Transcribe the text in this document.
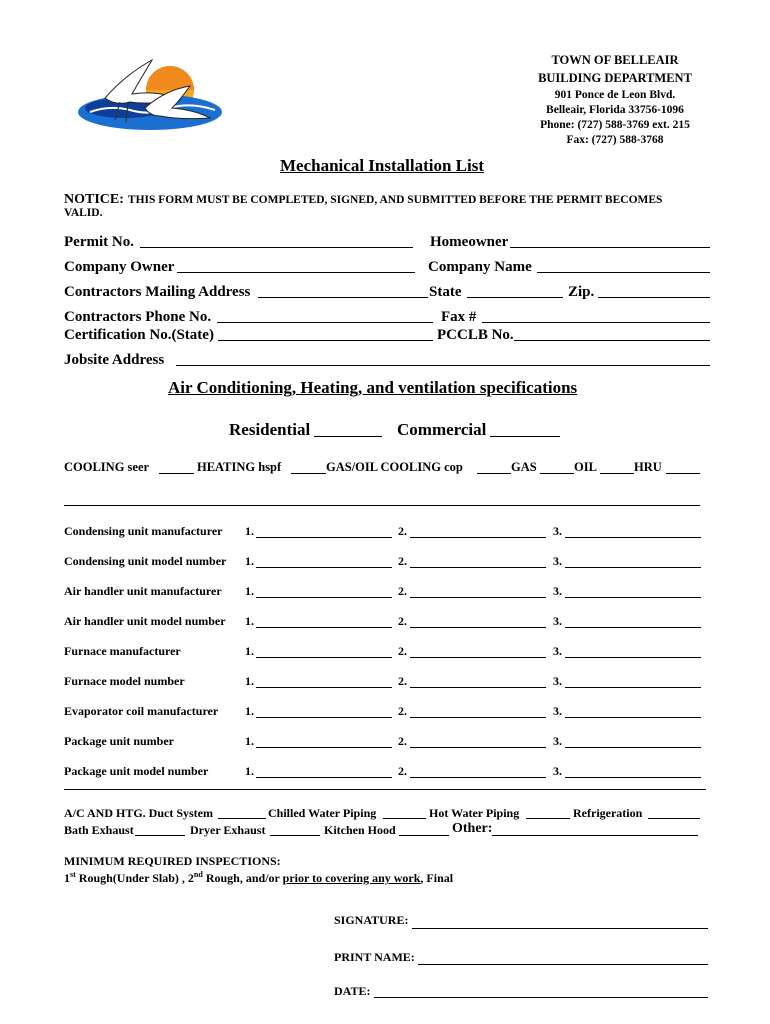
TOWN OF BELLEAIR
BUILDING DEPARTMENT
901 Ponce de Leon Blvd.
Belleair, Florida 33756-1096
Phone: (727) 588-3769 ext. 215
Fax: (727) 588-3768
Mechanical Installation List
NOTICE: THIS FORM MUST BE COMPLETED, SIGNED, AND SUBMITTED BEFORE THE PERMIT BECOMES
VALID.
Permit No.	Homeowner
Company Owner	Company Name
Contractors Mailing Address	State	Zip.
Contractors Phone No.	Fax #
Certification No.(State)	PCCLB No.
Jobsite Address
Air Conditioning, Heating, and ventilation specifications
Residential	Commercial
COOLING seer	HEATING hspf	GAS/OIL COOLING cop	GAS	OIL	HRU
Condensing unit manufacturer 1.	2.	3.
Condensing unit model number 1.	2.	3.
Air handler unit manufacturer 1.	2.	3.
Air handler unit model number 1.	2.	3.
Furnace manufacturer	1.	2.	3.
Furnace model number	1.	2.	3.
Evaporator coil manufacturer 1.	2.	3.
Package unit number	1.	2.	3.
Package unit model number	1.	2.	3.
A/C AND HTG. Duct System	Chilled Water Piping	Hot Water Piping	Refrigeration
Bath Exhaust	Dryer Exhaust	Kitchen Hood	Other:
MINIMUM REQUIRED INSPECTIONS:
1st Rough(Under Slab) , 2nd Rough, and/or prior to covering any work, Final
SIGNATURE:
PRINT NAME:
DATE:
